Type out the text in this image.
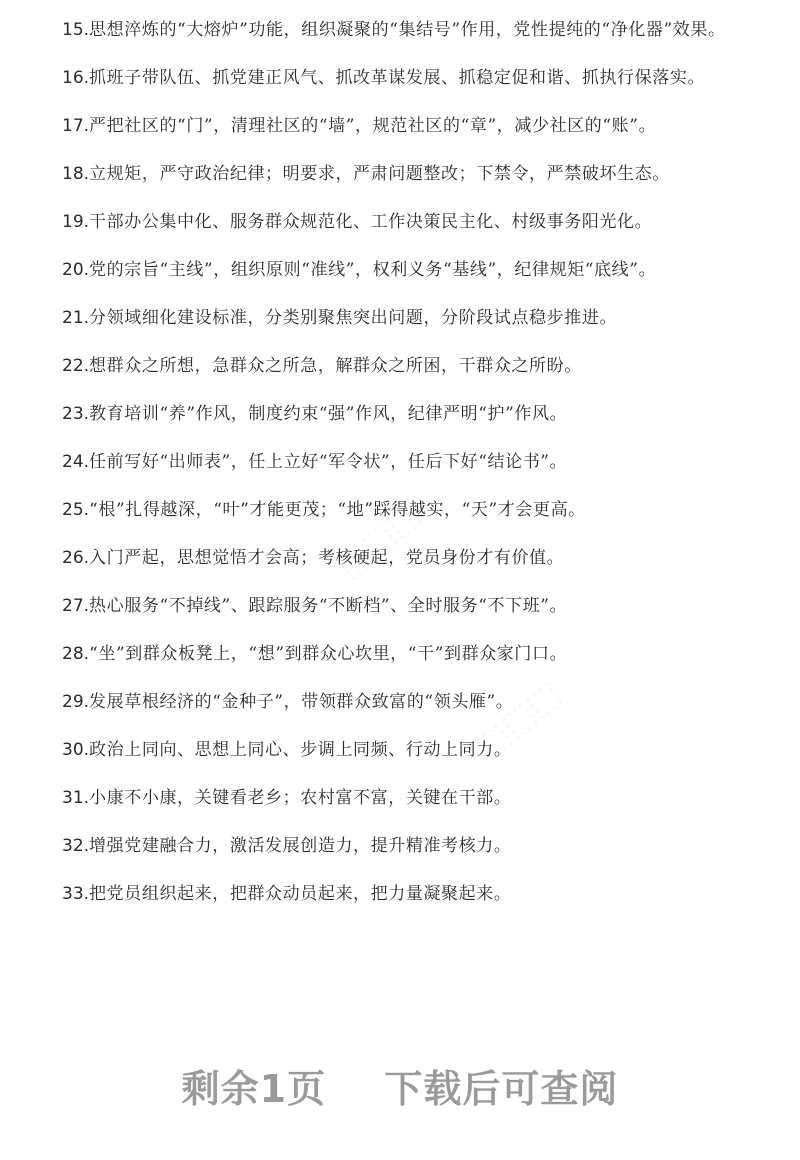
⬚⬚⬚
⬚⬚⬚

15.思想淬炼的“大熔炉”功能，组织凝聚的“集结号”作用，党性提纯的“净化器”效果。

16.抓班子带队伍、抓党建正风气、抓改革谋发展、抓稳定促和谐、抓执行保落实。

17.严把社区的“门”，清理社区的“墙”，规范社区的“章”，减少社区的“账”。

18.立规矩，严守政治纪律；明要求，严肃问题整改；下禁令，严禁破坏生态。

19.干部办公集中化、服务群众规范化、工作决策民主化、村级事务阳光化。

20.党的宗旨“主线”，组织原则“准线”，权利义务“基线”，纪律规矩“底线”。

21.分领域细化建设标准，分类别聚焦突出问题，分阶段试点稳步推进。

22.想群众之所想，急群众之所急，解群众之所困，干群众之所盼。

23.教育培训“养”作风，制度约束“强”作风，纪律严明“护”作风。

24.任前写好“出师表”，任上立好“军令状”，任后下好“结论书”。

25.“根”扎得越深，“叶”才能更茂；“地”踩得越实，“天”才会更高。

26.入门严起，思想觉悟才会高；考核硬起，党员身份才有价值。

27.热心服务“不掉线”、跟踪服务“不断档”、全时服务“不下班”。

28.“坐”到群众板凳上，“想”到群众心坎里，“干”到群众家门口。

29.发展草根经济的“金种子”，带领群众致富的“领头雁”。

30.政治上同向、思想上同心、步调上同频、行动上同力。

31.小康不小康，关键看老乡；农村富不富，关键在干部。

32.增强党建融合力，激活发展创造力，提升精准考核力。

33.把党员组织起来，把群众动员起来，把力量凝聚起来。

剩余1页 下载后可查阅
